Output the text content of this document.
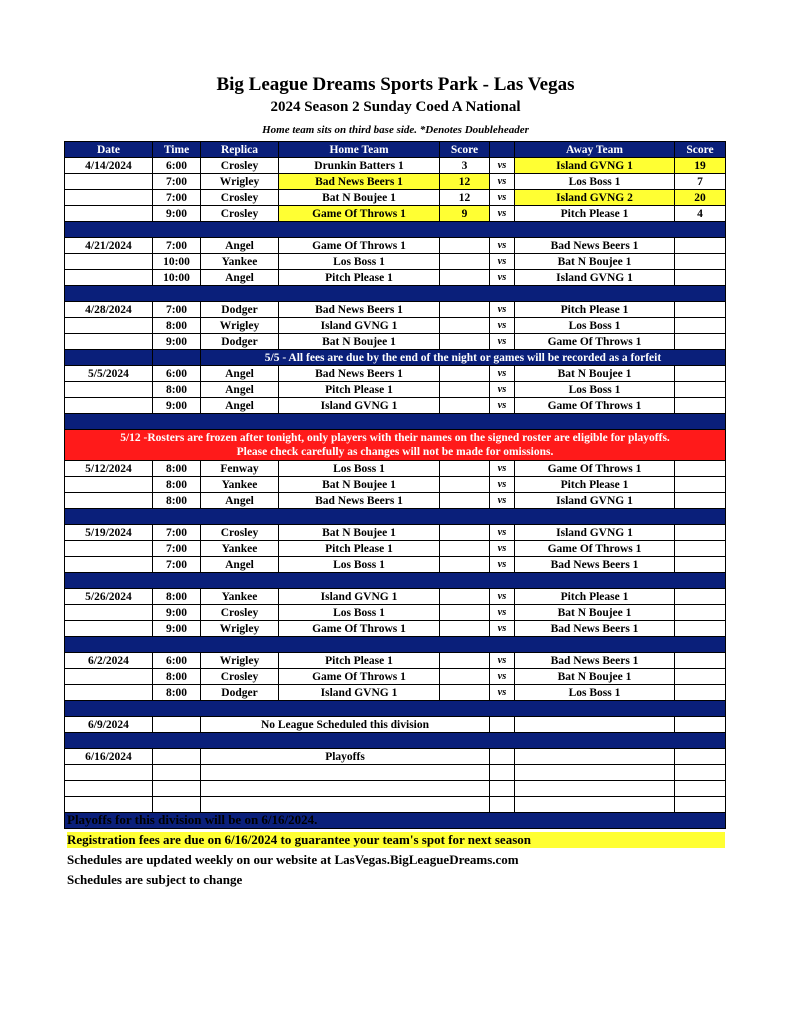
Big League Dreams Sports Park - Las Vegas
2024 Season 2 Sunday Coed A National
Home team sits on third base side. *Denotes Doubleheader
Date	Time	Replica	Home Team	Score		Away Team	Score
4/14/2024	6:00	Crosley	Drunkin Batters 1	3	vs	Island GVNG 1	19
	7:00	Wrigley	Bad News Beers 1	12	vs	Los Boss 1	7
	7:00	Crosley	Bat N Boujee 1	12	vs	Island GVNG 2	20
	9:00	Crosley	Game Of Throws 1	9	vs	Pitch Please 1	4

4/21/2024	7:00	Angel	Game Of Throws 1		vs	Bad News Beers 1	
	10:00	Yankee	Los Boss 1		vs	Bat N Boujee 1	
	10:00	Angel	Pitch Please 1		vs	Island GVNG 1	

4/28/2024	7:00	Dodger	Bad News Beers 1		vs	Pitch Please 1	
	8:00	Wrigley	Island GVNG 1		vs	Los Boss 1	
	9:00	Dodger	Bat N Boujee 1		vs	Game Of Throws 1	
		5/5 - All fees are due by the end of the night or games will be recorded as a forfeit					
5/5/2024	6:00	Angel	Bad News Beers 1		vs	Bat N Boujee 1	
	8:00	Angel	Pitch Please 1		vs	Los Boss 1	
	9:00	Angel	Island GVNG 1		vs	Game Of Throws 1	

5/12 -Rosters are frozen after tonight, only players with their names on the signed roster are eligible for playoffs.
Please check carefully as changes will not be made for omissions.							

5/12/2024	8:00	Fenway	Los Boss 1		vs	Game Of Throws 1	
	8:00	Yankee	Bat N Boujee 1		vs	Pitch Please 1	
	8:00	Angel	Bad News Beers 1		vs	Island GVNG 1	

5/19/2024	7:00	Crosley	Bat N Boujee 1		vs	Island GVNG 1	
	7:00	Yankee	Pitch Please 1		vs	Game Of Throws 1	
	7:00	Angel	Los Boss 1		vs	Bad News Beers 1	

5/26/2024	8:00	Yankee	Island GVNG 1		vs	Pitch Please 1	
	9:00	Crosley	Los Boss 1		vs	Bat N Boujee 1	
	9:00	Wrigley	Game Of Throws 1		vs	Bad News Beers 1	

6/2/2024	6:00	Wrigley	Pitch Please 1		vs	Bad News Beers 1	
	8:00	Crosley	Game Of Throws 1		vs	Bat N Boujee 1	
	8:00	Dodger	Island GVNG 1		vs	Los Boss 1	

6/9/2024		No League Scheduled this division					

6/16/2024		Playoffs					

Playoffs for this division will be on 6/16/2024.
Registration fees are due on 6/16/2024 to guarantee your team's spot for next season
Schedules are updated weekly on our website at LasVegas.BigLeagueDreams.com
Schedules are subject to change
